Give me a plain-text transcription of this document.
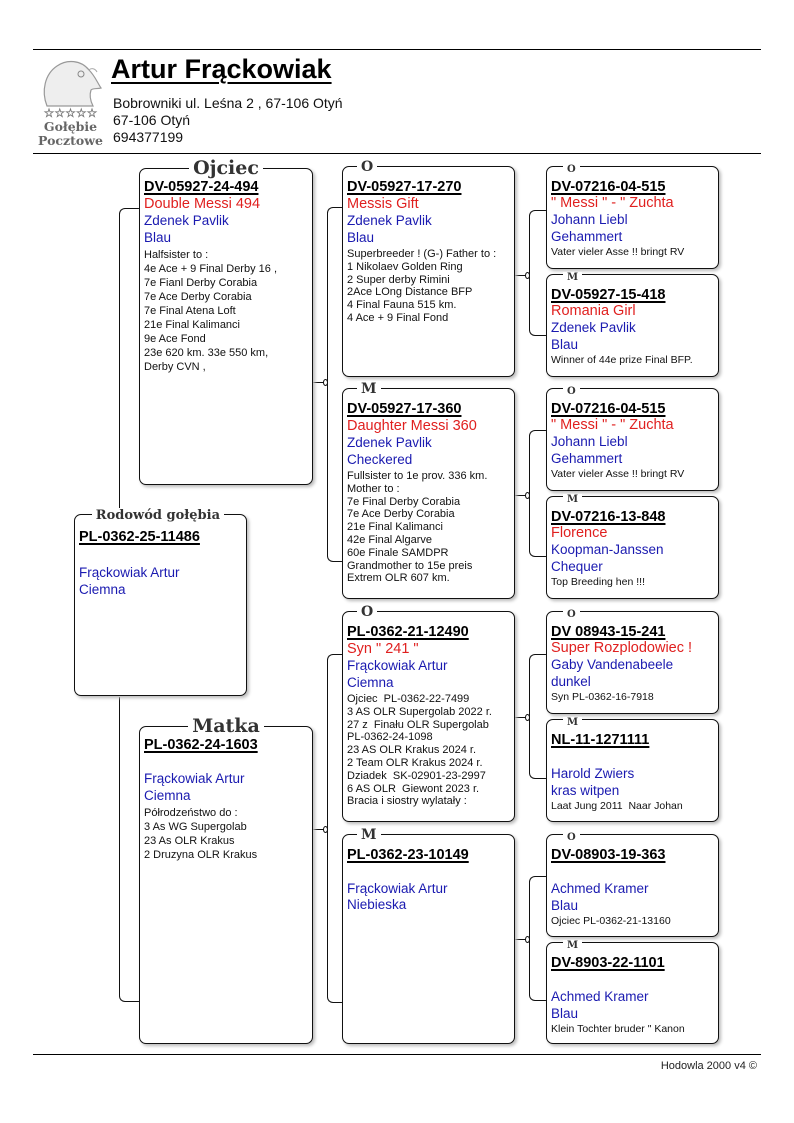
☆☆☆☆☆
Gołębie
Pocztowe
Artur Frąckowiak
Bobrowniki ul. Leśna 2 , 67-106 Otyń
67-106 Otyń
694377199
Rodowód gołębia
PL-0362-25-11486
Frąckowiak Artur
Ciemna
Ojciec
DV-05927-24-494
Double Messi 494
Zdenek Pavlik
Blau
Halfsister to :
4e Ace + 9 Final Derby 16 ,
7e Fianl Derby Corabia
7e Ace Derby Corabia
7e Final Atena Loft
21e Final Kalimanci
9e Ace Fond
23e 620 km. 33e 550 km,
Derby CVN ,
Matka
PL-0362-24-1603
Frąckowiak Artur
Ciemna
Półrodzeństwo do :
3 As WG Supergolab
23 As OLR Krakus
2 Druzyna OLR Krakus
O
DV-05927-17-270
Messis Gift
Zdenek Pavlik
Blau
Superbreeder ! (G-) Father to :
1 Nikolaev Golden Ring
2 Super derby Rimini
2Ace LOng Distance BFP
4 Final Fauna 515 km.
4 Ace + 9 Final Fond
M
DV-05927-17-360
Daughter Messi 360
Zdenek Pavlik
Checkered
Fullsister to 1e prov. 336 km.
Mother to :
7e Final Derby Corabia
7e Ace Derby Corabia
21e Final Kalimanci
42e Final Algarve
60e Finale SAMDPR
Grandmother to 15e preis
Extrem OLR 607 km.
O
PL-0362-21-12490
Syn " 241 "
Frąckowiak Artur
Ciemna
Ojciec  PL-0362-22-7499
3 AS OLR Supergolab 2022 r.
27 z  Finału OLR Supergolab
PL-0362-24-1098
23 AS OLR Krakus 2024 r.
2 Team OLR Krakus 2024 r.
Dziadek  SK-02901-23-2997
6 AS OLR  Giewont 2023 r.
Bracia i siostry wylatały :
M
PL-0362-23-10149
Frąckowiak Artur
Niebieska
O
DV-07216-04-515
" Messi " - " Zuchta
Johann Liebl
Gehammert
Vater vieler Asse !! bringt RV
M
DV-05927-15-418
Romania Girl
Zdenek Pavlik
Blau
Winner of 44e prize Final BFP.
O
DV-07216-04-515
" Messi " - " Zuchta
Johann Liebl
Gehammert
Vater vieler Asse !! bringt RV
M
DV-07216-13-848
Florence
Koopman-Janssen
Chequer
Top Breeding hen !!!
O
DV 08943-15-241
Super Rozplodowiec !
Gaby Vandenabeele
dunkel
Syn PL-0362-16-7918
M
NL-11-1271111
Harold Zwiers
kras witpen
Laat Jung 2011  Naar Johan
O
DV-08903-19-363
Achmed Kramer
Blau
Ojciec PL-0362-21-13160
M
DV-8903-22-1101
Achmed Kramer
Blau
Klein Tochter bruder " Kanon
Hodowla 2000 v4 ©
